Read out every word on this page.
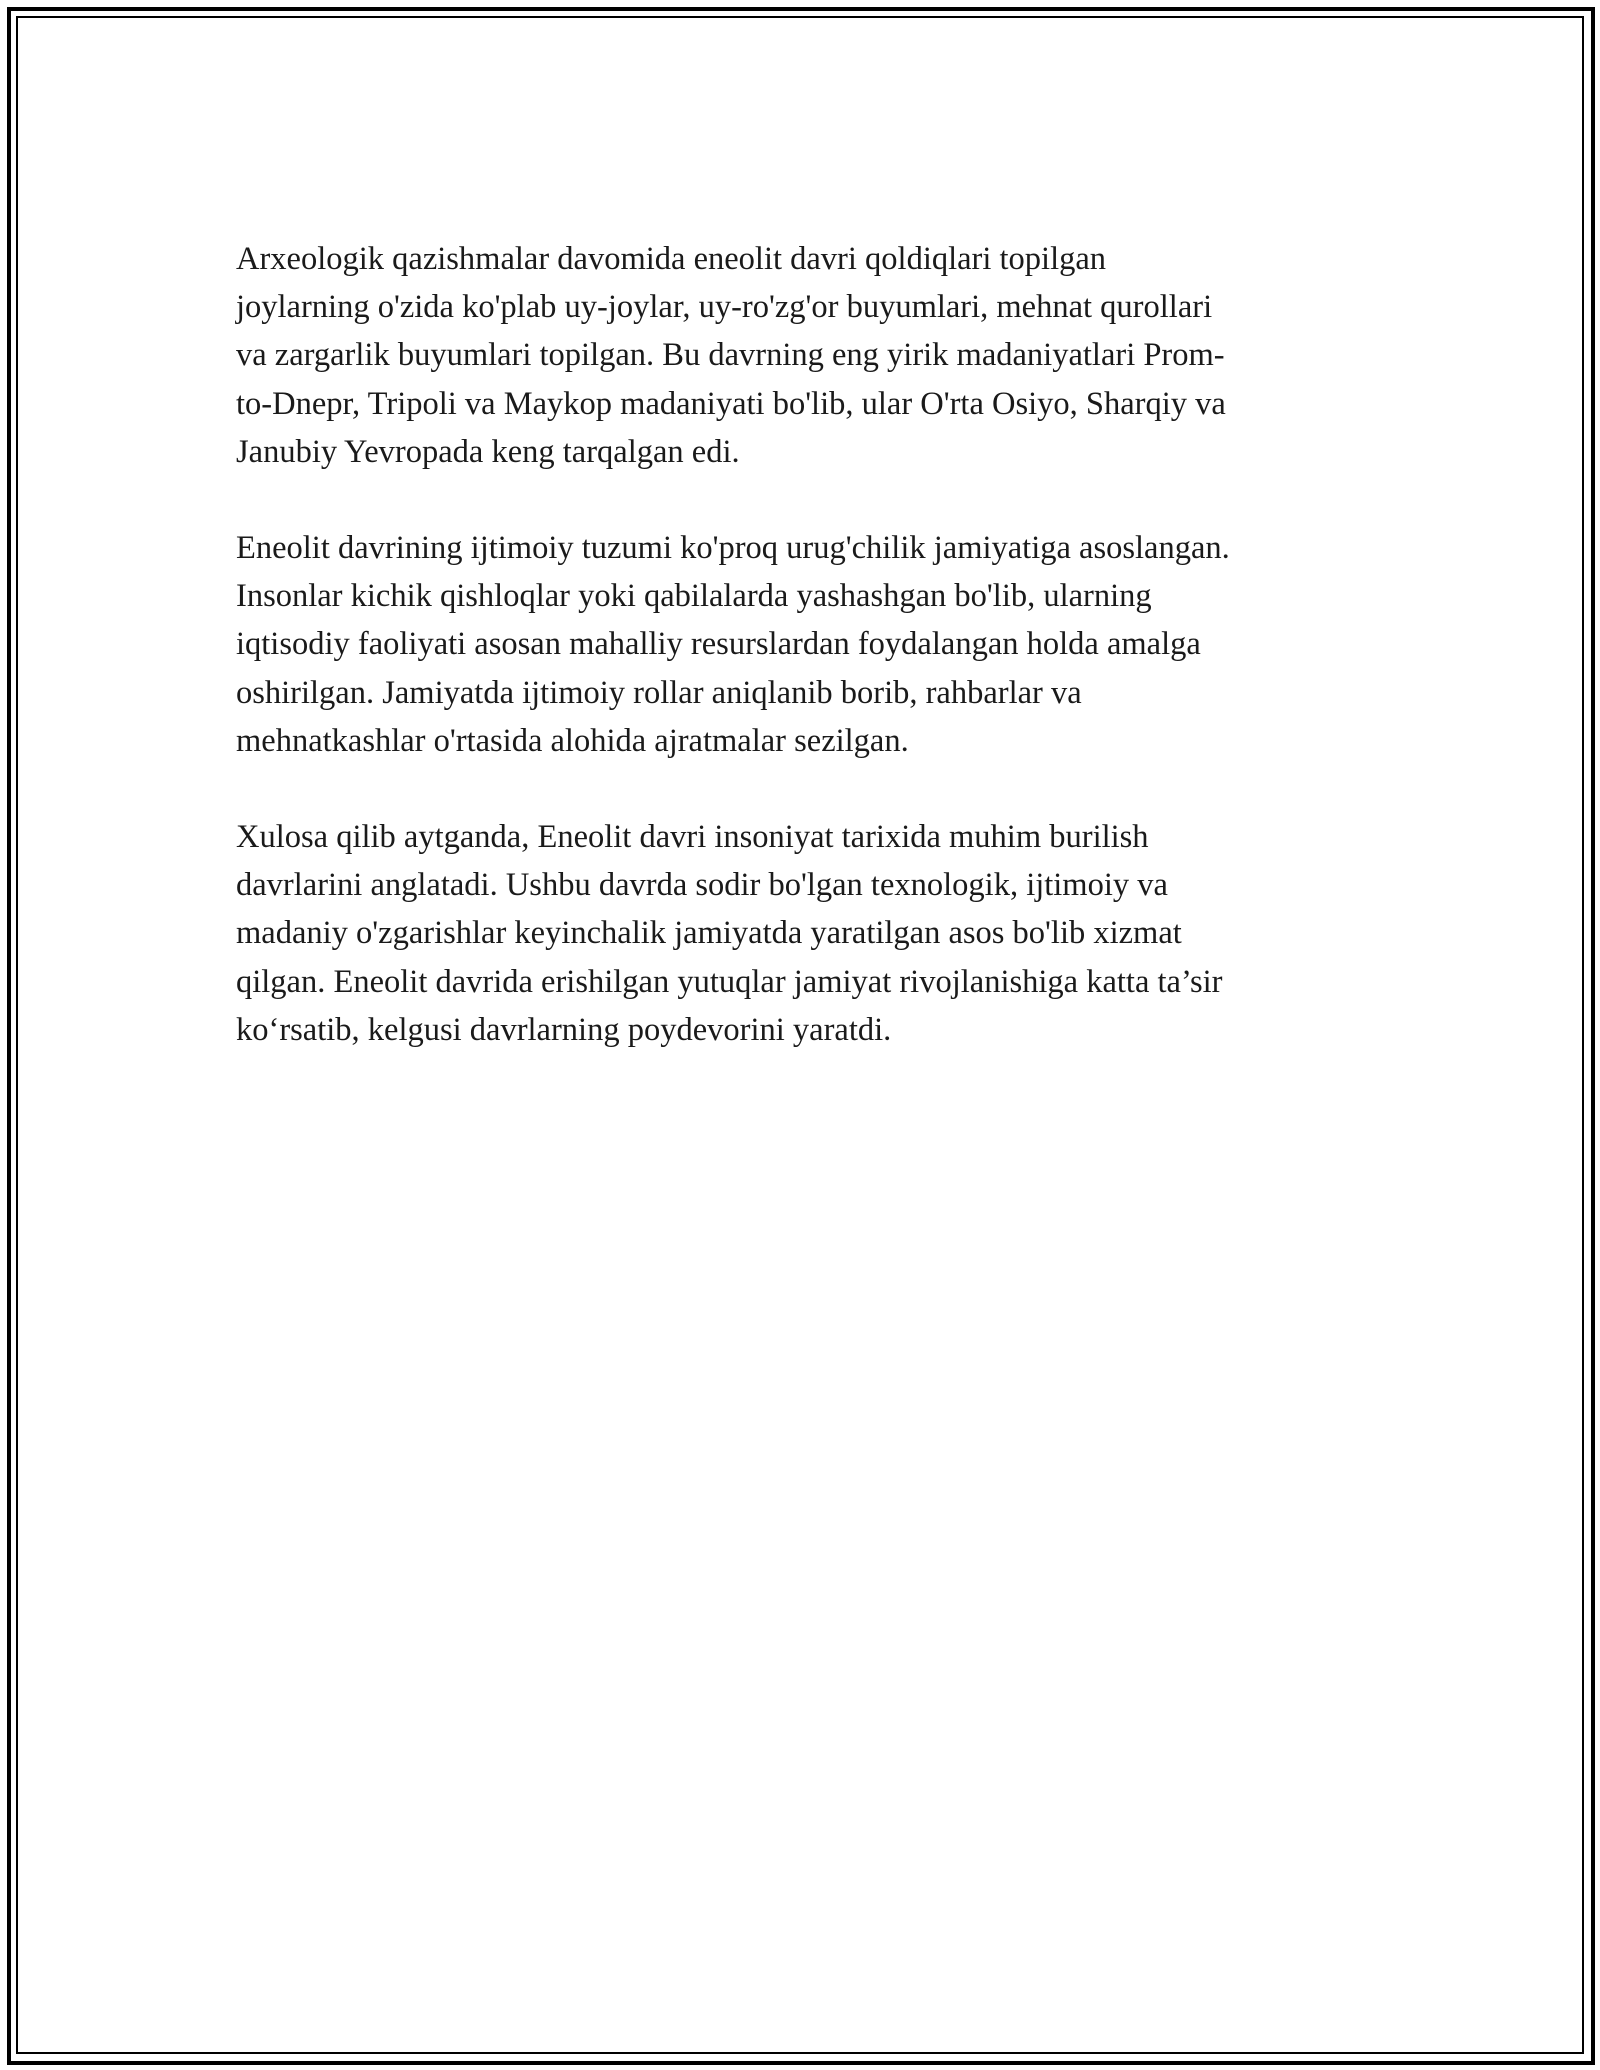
Arxeologik qazishmalar davomida eneolit davri qoldiqlari topilgan
joylarning o'zida ko'plab uy-joylar, uy-ro'zg'or buyumlari, mehnat qurollari
va zargarlik buyumlari topilgan. Bu davrning eng yirik madaniyatlari Prom-
to-Dnepr, Tripoli va Maykop madaniyati bo'lib, ular O'rta Osiyo, Sharqiy va
Janubiy Yevropada keng tarqalgan edi.

Eneolit davrining ijtimoiy tuzumi ko'proq urug'chilik jamiyatiga asoslangan.
Insonlar kichik qishloqlar yoki qabilalarda yashashgan bo'lib, ularning
iqtisodiy faoliyati asosan mahalliy resurslardan foydalangan holda amalga
oshirilgan. Jamiyatda ijtimoiy rollar aniqlanib borib, rahbarlar va
mehnatkashlar o'rtasida alohida ajratmalar sezilgan.

Xulosa qilib aytganda, Eneolit davri insoniyat tarixida muhim burilish
davrlarini anglatadi. Ushbu davrda sodir bo'lgan texnologik, ijtimoiy va
madaniy o'zgarishlar keyinchalik jamiyatda yaratilgan asos bo'lib xizmat
qilgan. Eneolit davrida erishilgan yutuqlar jamiyat rivojlanishiga katta ta’sir
ko‘rsatib, kelgusi davrlarning poydevorini yaratdi.
